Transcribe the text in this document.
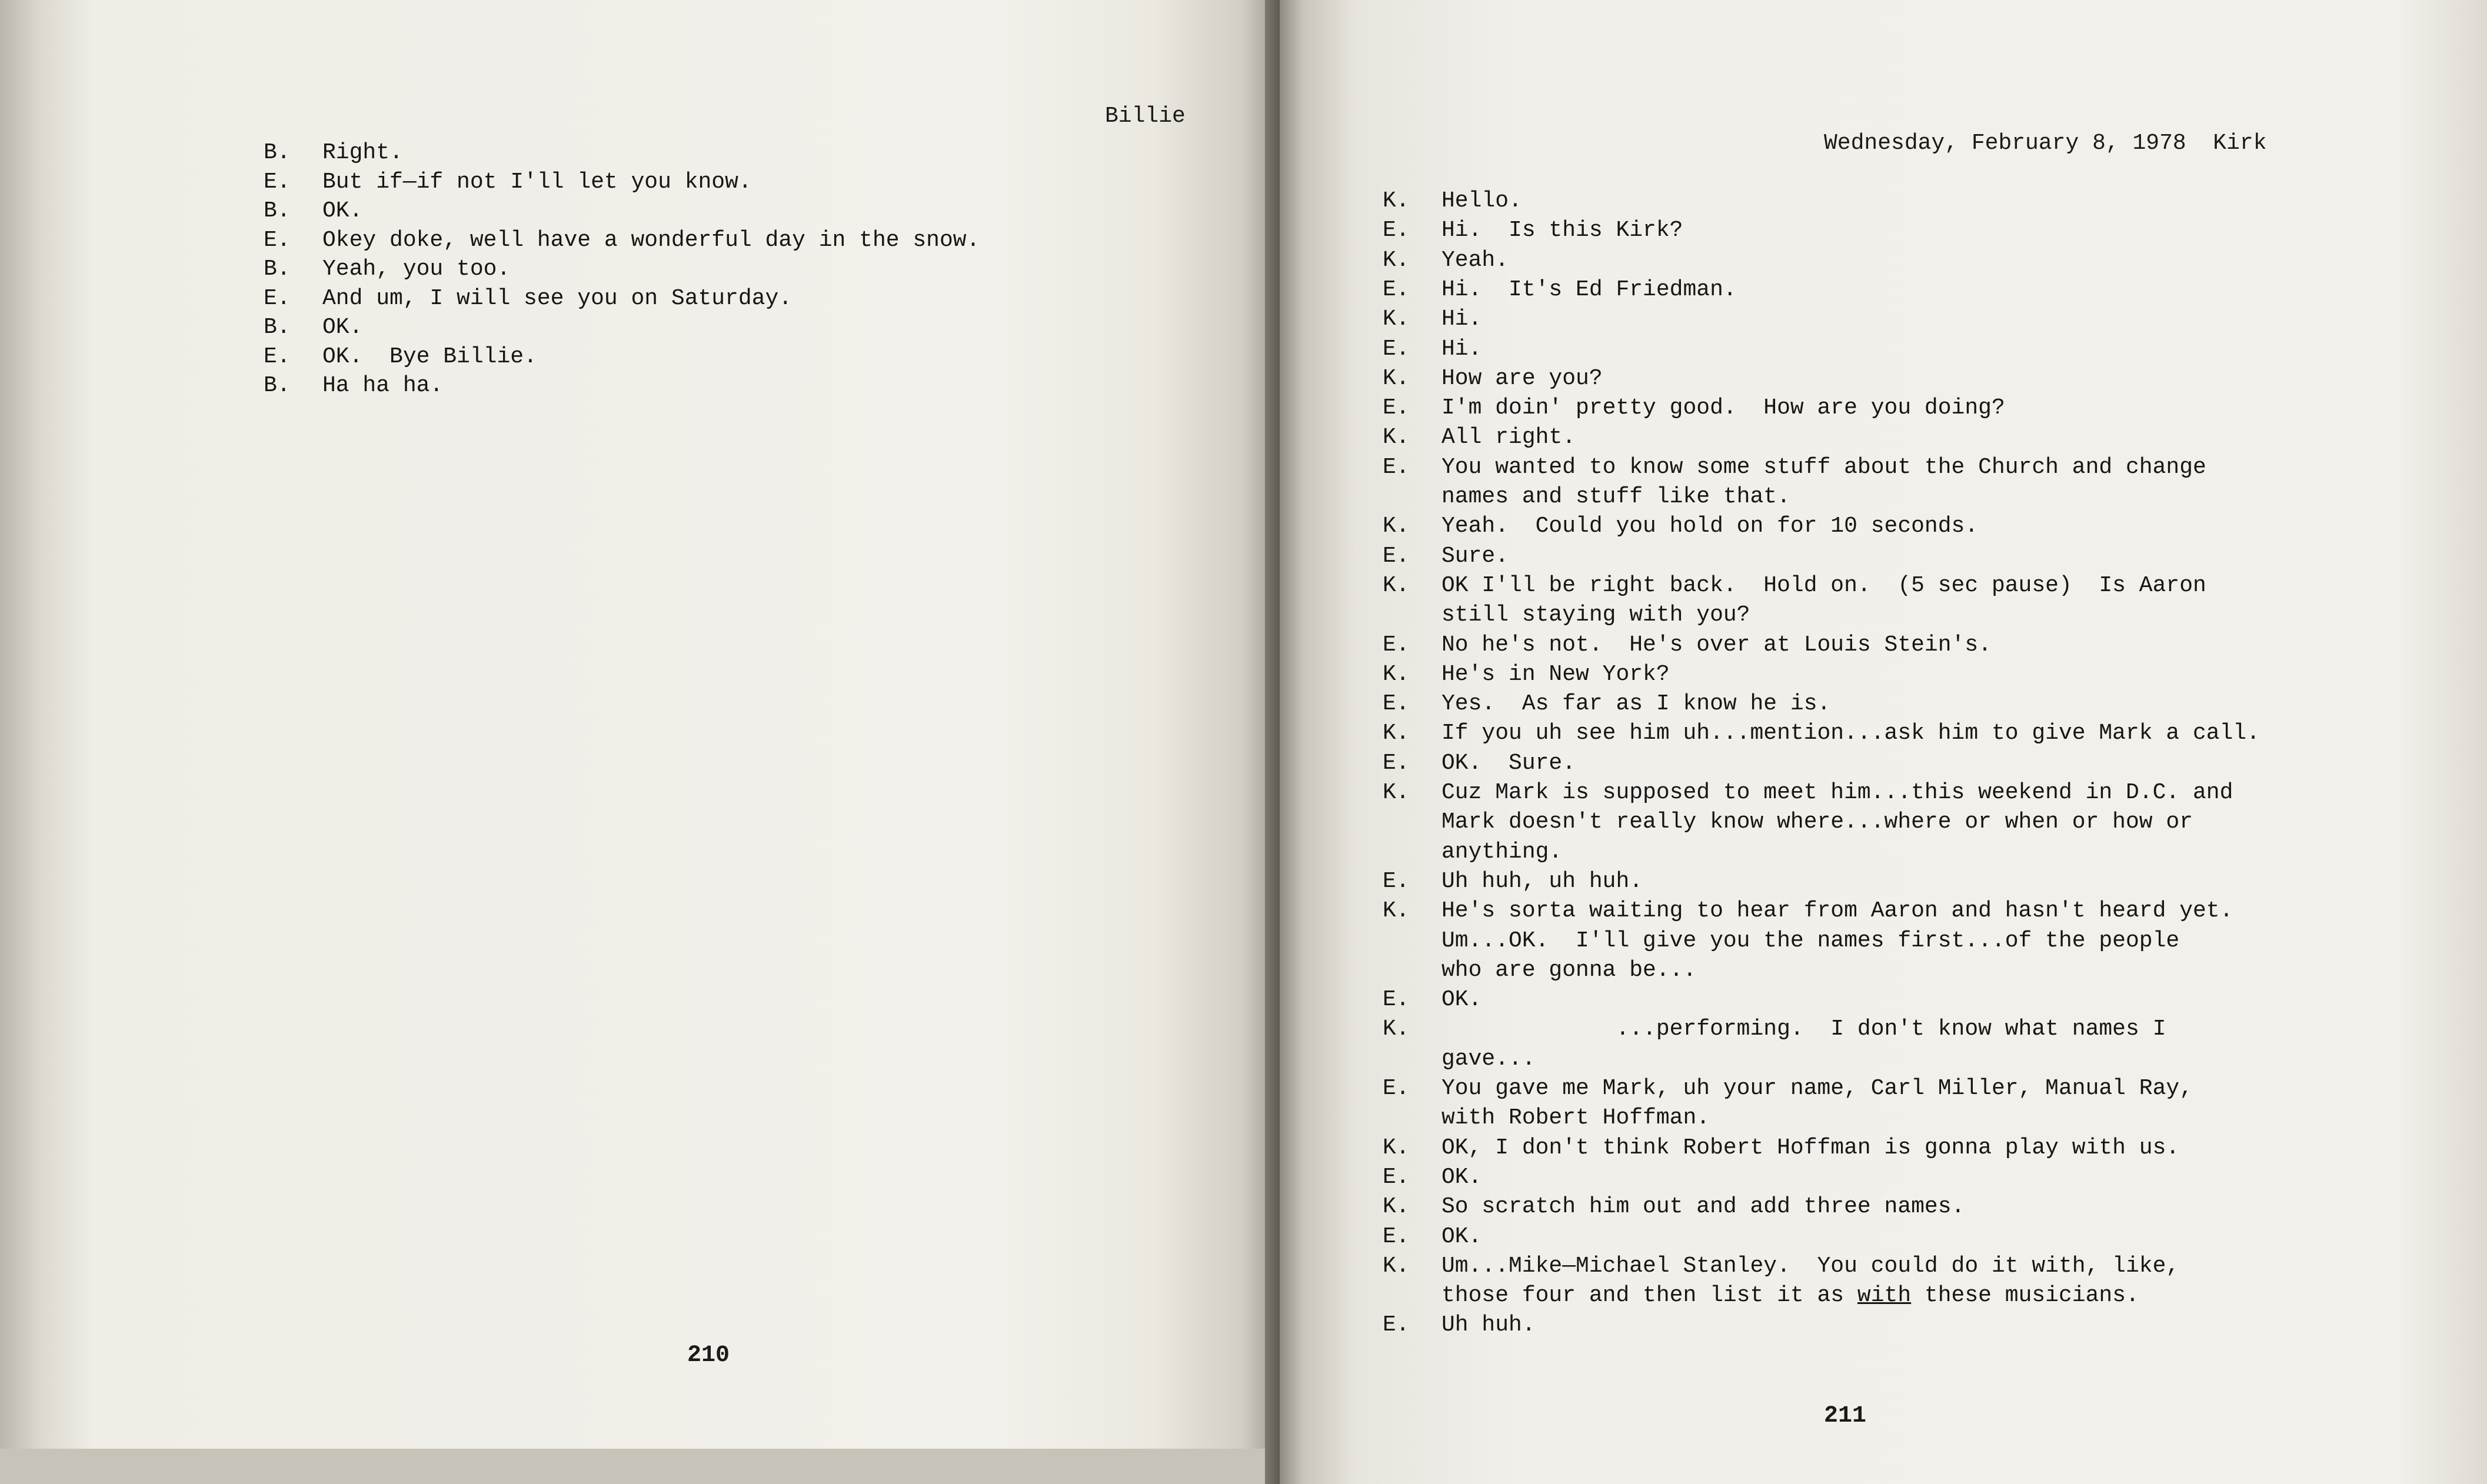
Billie
B. Right.
E. But if—if not I'll let you know.
B. OK.
E. Okey doke, well have a wonderful day in the snow.
B. Yeah, you too.
E. And um, I will see you on Saturday.
B. OK.
E. OK.  Bye Billie.
B. Ha ha ha.
210
Wednesday, February 8, 1978  Kirk
K. Hello.
E. Hi.  Is this Kirk?
K. Yeah.
E. Hi.  It's Ed Friedman.
K. Hi.
E. Hi.
K. How are you?
E. I'm doin' pretty good.  How are you doing?
K. All right.
E. You wanted to know some stuff about the Church and change
names and stuff like that.
K. Yeah.  Could you hold on for 10 seconds.
E. Sure.
K. OK I'll be right back.  Hold on.  (5 sec pause)  Is Aaron
still staying with you?
E. No he's not.  He's over at Louis Stein's.
K. He's in New York?
E. Yes.  As far as I know he is.
K. If you uh see him uh...mention...ask him to give Mark a call.
E. OK.  Sure.
K. Cuz Mark is supposed to meet him...this weekend in D.C. and
Mark doesn't really know where...where or when or how or
anything.
E. Uh huh, uh huh.
K. He's sorta waiting to hear from Aaron and hasn't heard yet.
Um...OK.  I'll give you the names first...of the people
who are gonna be...
E. OK.
K.             ...performing.  I don't know what names I
gave...
E. You gave me Mark, uh your name, Carl Miller, Manual Ray,
with Robert Hoffman.
K. OK, I don't think Robert Hoffman is gonna play with us.
E. OK.
K. So scratch him out and add three names.
E. OK.
K. Um...Mike—Michael Stanley.  You could do it with, like,
those four and then list it as with these musicians.
E. Uh huh.
211
